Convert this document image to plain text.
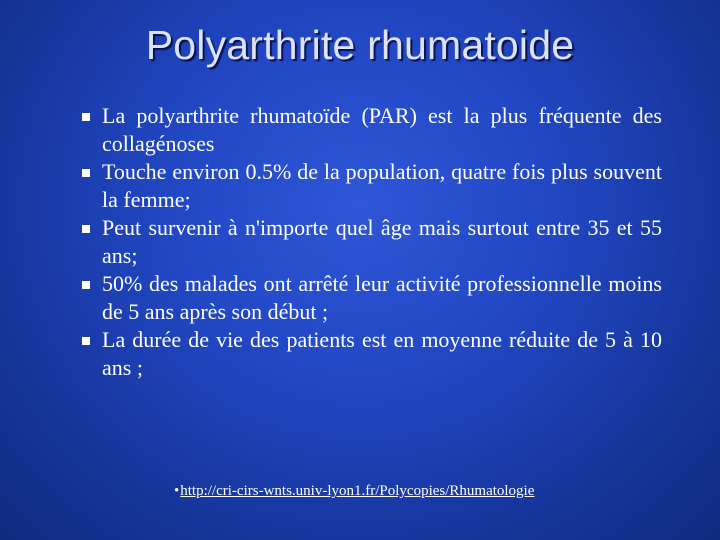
Polyarthrite rhumatoide
La polyarthrite rhumatoïde (PAR) est la plus fréquente des collagénoses
Touche environ 0.5% de la population, quatre fois plus souvent la femme;
Peut survenir à n'importe quel âge mais surtout entre 35 et 55 ans;
50% des malades ont arrêté leur activité professionnelle moins de 5 ans après son début ;
La durée de vie des patients est en moyenne réduite de 5 à 10 ans ;
•http://cri-cirs-wnts.univ-lyon1.fr/Polycopies/Rhumatologie
